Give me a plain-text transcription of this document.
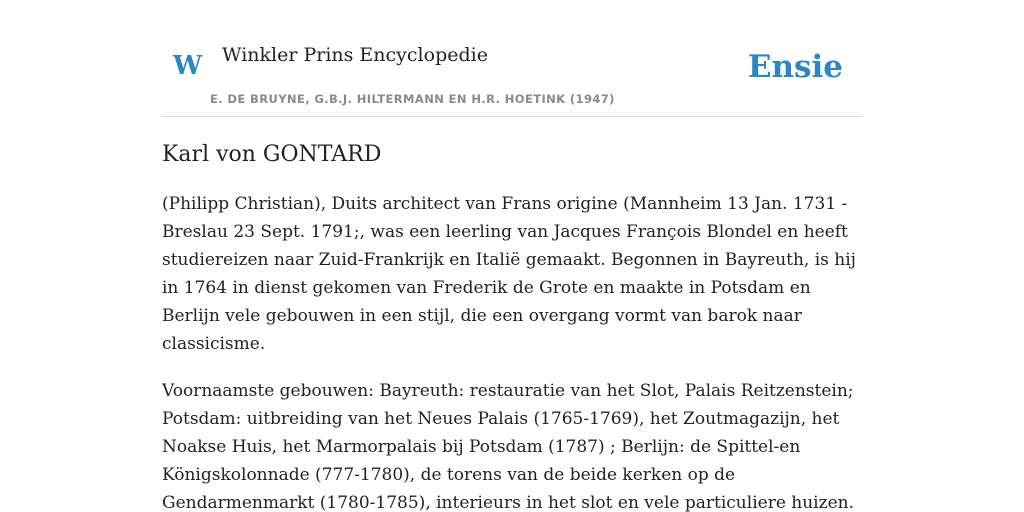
W Winkler Prins Encyclopedie
E. DE BRUYNE, G.B.J. HILTERMANN EN H.R. HOETINK (1947)
Ensie
Karl von GONTARD

(Philipp Christian), Duits architect van Frans origine (Mannheim 13 Jan. 1731 - Breslau 23 Sept. 1791;, was een leerling van Jacques François Blondel en heeft studiereizen naar Zuid-Frankrijk en Italië gemaakt. Begonnen in Bayreuth, is hij in 1764 in dienst gekomen van Frederik de Grote en maakte in Potsdam en Berlijn vele gebouwen in een stijl, die een overgang vormt van barok naar classicisme.

Voornaamste gebouwen: Bayreuth: restauratie van het Slot, Palais Reitzenstein; Potsdam: uitbreiding van het Neues Palais (1765-1769), het Zoutmagazijn, het Noakse Huis, het Marmorpalais bij Potsdam (1787) ; Berlijn: de Spittel-en Königskolonnade (777-1780), de torens van de beide kerken op de Gendarmenmarkt (1780-1785), interieurs in het slot en vele particuliere huizen.
